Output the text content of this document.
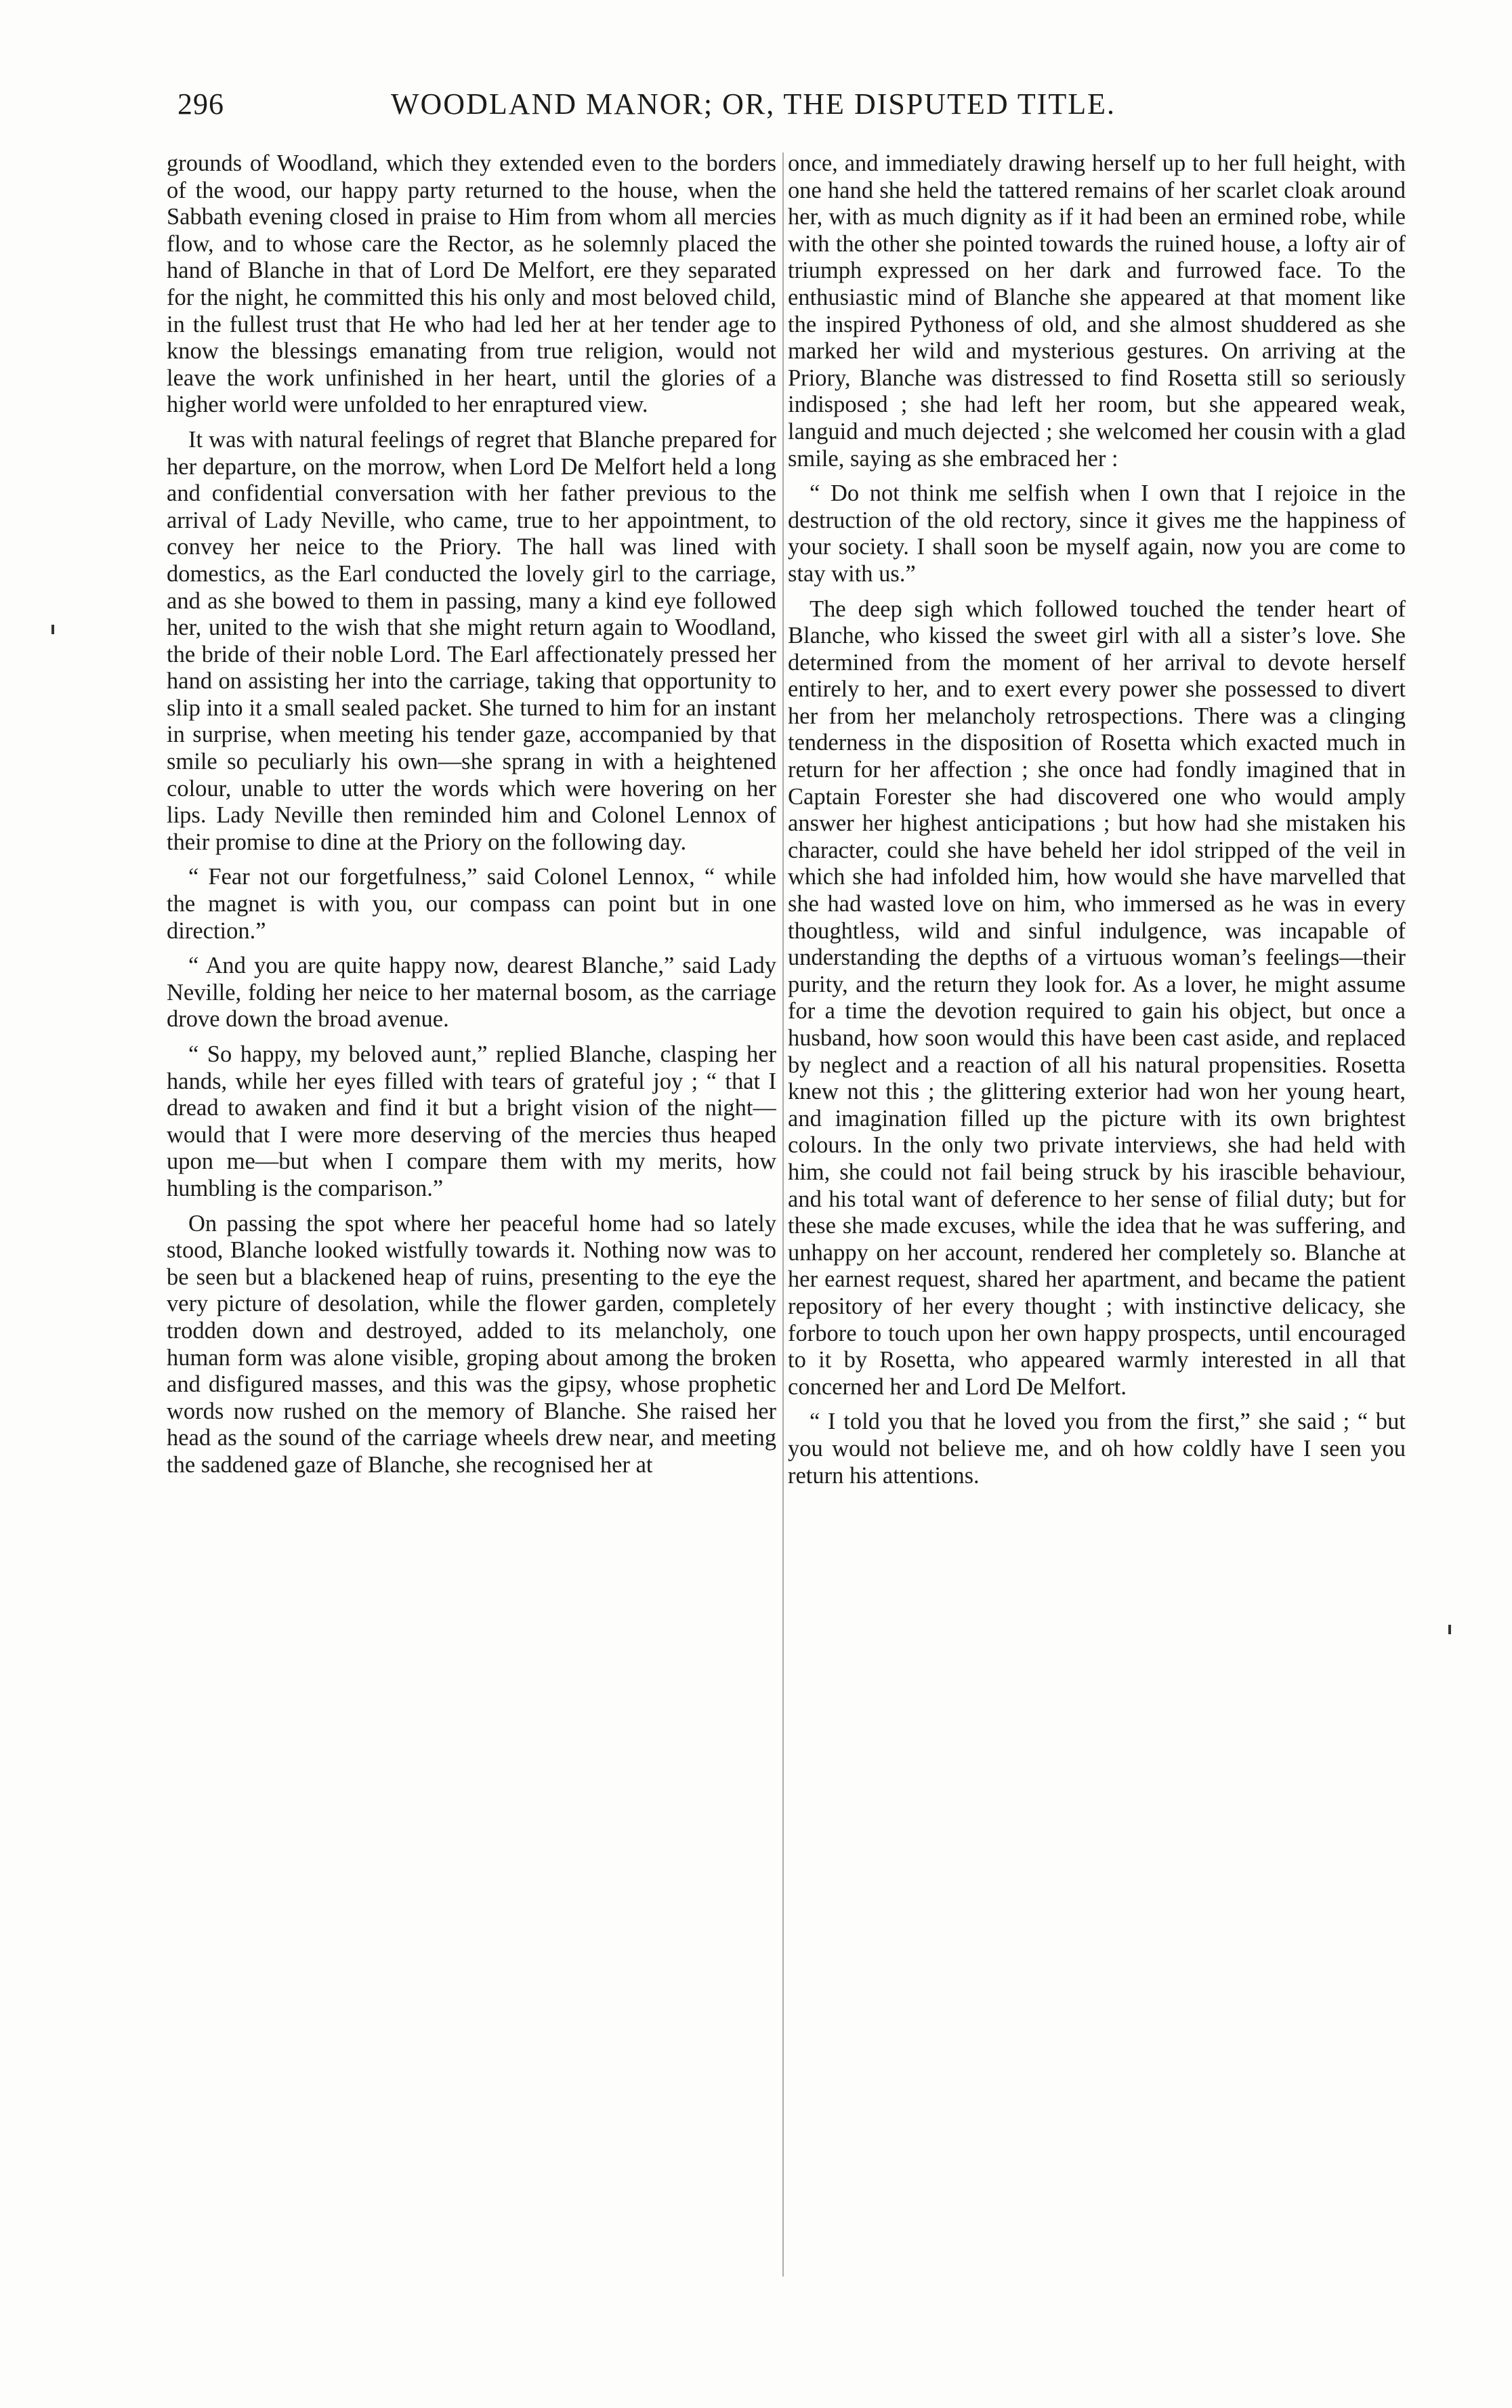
296	WOODLAND MANOR; OR, THE DISPUTED TITLE.

grounds of Woodland, which they extended even to the borders of the wood, our happy party returned to the house, when the Sabbath evening closed in praise to Him from whom all mercies flow, and to whose care the Rector, as he solemnly placed the hand of Blanche in that of Lord De Melfort, ere they separated for the night, he committed this his only and most beloved child, in the fullest trust that He who had led her at her tender age to know the blessings emanating from true religion, would not leave the work unfinished in her heart, until the glories of a higher world were unfolded to her enraptured view.

It was with natural feelings of regret that Blanche prepared for her departure, on the morrow, when Lord De Melfort held a long and confidential conversation with her father previous to the arrival of Lady Neville, who came, true to her appointment, to convey her neice to the Priory. The hall was lined with domestics, as the Earl conducted the lovely girl to the carriage, and as she bowed to them in passing, many a kind eye followed her, united to the wish that she might return again to Woodland, the bride of their noble Lord. The Earl affectionately pressed her hand on assisting her into the carriage, taking that opportunity to slip into it a small sealed packet. She turned to him for an instant in surprise, when meeting his tender gaze, accompanied by that smile so peculiarly his own—she sprang in with a heightened colour, unable to utter the words which were hovering on her lips. Lady Neville then reminded him and Colonel Lennox of their promise to dine at the Priory on the following day.

“ Fear not our forgetfulness,” said Colonel Lennox, “ while the magnet is with you, our compass can point but in one direction.”

“ And you are quite happy now, dearest Blanche,” said Lady Neville, folding her neice to her maternal bosom, as the carriage drove down the broad avenue.

“ So happy, my beloved aunt,” replied Blanche, clasping her hands, while her eyes filled with tears of grateful joy ; “ that I dread to awaken and find it but a bright vision of the night—would that I were more deserving of the mercies thus heaped upon me—but when I compare them with my merits, how humbling is the comparison.”

On passing the spot where her peaceful home had so lately stood, Blanche looked wistfully towards it. Nothing now was to be seen but a blackened heap of ruins, presenting to the eye the very picture of desolation, while the flower garden, completely trodden down and destroyed, added to its melancholy, one human form was alone visible, groping about among the broken and disfigured masses, and this was the gipsy, whose prophetic words now rushed on the memory of Blanche. She raised her head as the sound of the carriage wheels drew near, and meeting the saddened gaze of Blanche, she recognised her at

once, and immediately drawing herself up to her full height, with one hand she held the tattered remains of her scarlet cloak around her, with as much dignity as if it had been an ermined robe, while with the other she pointed towards the ruined house, a lofty air of triumph expressed on her dark and furrowed face. To the enthusiastic mind of Blanche she appeared at that moment like the inspired Pythoness of old, and she almost shuddered as she marked her wild and mysterious gestures. On arriving at the Priory, Blanche was distressed to find Rosetta still so seriously indisposed ; she had left her room, but she appeared weak, languid and much dejected ; she welcomed her cousin with a glad smile, saying as she embraced her :

“ Do not think me selfish when I own that I rejoice in the destruction of the old rectory, since it gives me the happiness of your society. I shall soon be myself again, now you are come to stay with us.”

The deep sigh which followed touched the tender heart of Blanche, who kissed the sweet girl with all a sister’s love. She determined from the moment of her arrival to devote herself entirely to her, and to exert every power she possessed to divert her from her melancholy retrospections. There was a clinging tenderness in the disposition of Rosetta which exacted much in return for her affection ; she once had fondly imagined that in Captain Forester she had discovered one who would amply answer her highest anticipations ; but how had she mistaken his character, could she have beheld her idol stripped of the veil in which she had infolded him, how would she have marvelled that she had wasted love on him, who immersed as he was in every thoughtless, wild and sinful indulgence, was incapable of understanding the depths of a virtuous woman’s feelings—their purity, and the return they look for. As a lover, he might assume for a time the devotion required to gain his object, but once a husband, how soon would this have been cast aside, and replaced by neglect and a reaction of all his natural propensities. Rosetta knew not this ; the glittering exterior had won her young heart, and imagination filled up the picture with its own brightest colours. In the only two private interviews, she had held with him, she could not fail being struck by his irascible behaviour, and his total want of deference to her sense of filial duty; but for these she made excuses, while the idea that he was suffering, and unhappy on her account, rendered her completely so. Blanche at her earnest request, shared her apartment, and became the patient repository of her every thought ; with instinctive delicacy, she forbore to touch upon her own happy prospects, until encouraged to it by Rosetta, who appeared warmly interested in all that concerned her and Lord De Melfort.

“ I told you that he loved you from the first,” she said ; “ but you would not believe me, and oh how coldly have I seen you return his attentions.
